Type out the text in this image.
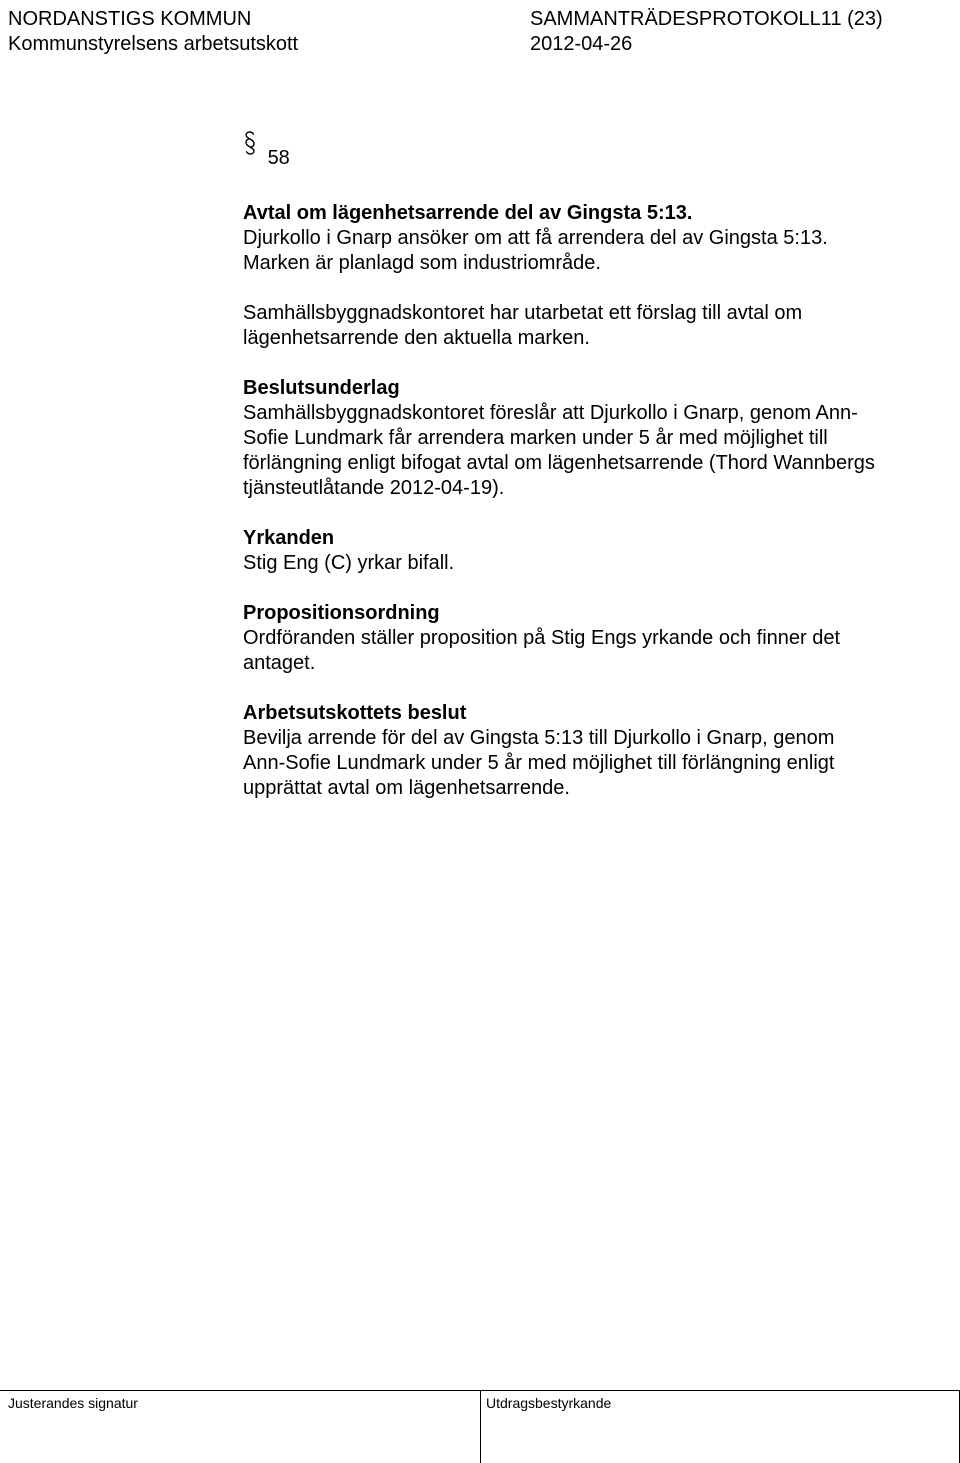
NORDANSTIGS KOMMUN	SAMMANTRÄDESPROTOKOLL11 (23)
Kommunstyrelsens arbetsutskott	2012-04-26
58

Avtal om lägenhetsarrende del av Gingsta 5:13.

Djurkollo i Gnarp ansöker om att få arrendera del av Gingsta 5:13.

Marken är planlagd som industriområde.

Samhällsbyggnadskontoret har utarbetat ett förslag till avtal om

lägenhetsarrende den aktuella marken.

Beslutsunderlag

Samhällsbyggnadskontoret föreslår att Djurkollo i Gnarp, genom Ann-

Sofie Lundmark får arrendera marken under 5 år med möjlighet till

förlängning enligt bifogat avtal om lägenhetsarrende (Thord Wannbergs

tjänsteutlåtande 2012-04-19).

Yrkanden

Stig Eng (C) yrkar bifall.

Propositionsordning

Ordföranden ställer proposition på Stig Engs yrkande och finner det

antaget.

Arbetsutskottets beslut

Bevilja arrende för del av Gingsta 5:13 till Djurkollo i Gnarp, genom

Ann-Sofie Lundmark under 5 år med möjlighet till förlängning enligt

upprättat avtal om lägenhetsarrende.

Justerandes signatur	Utdragsbestyrkande
